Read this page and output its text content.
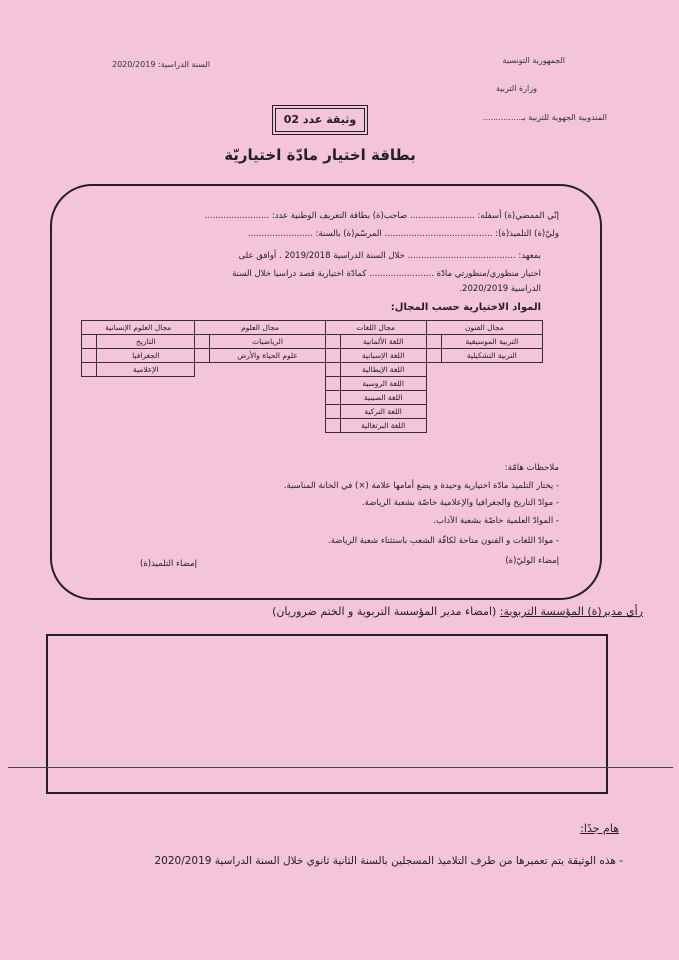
الجمهورية التونسية
وزارة التربية
المندوبية الجهوية للتربية بـ...............
السنة الدراسية: 2020/2019
وثيقة عدد 02
بطاقة اختيار مادّة اختياريّة
إنّي الممضي(ة) أسفله: ........................ صاحب(ة) بطاقة التعريف الوطنية عدد: ........................
وليّ(ة) التلميذ(ة): ........................................ المرسّم(ة) بالسنة: ........................
بمعهد: ........................................ خلال السنة الدراسية 2019/2018 . أوافق على
اختيار منظوري/منظورتي مادّة ........................ كمادّة اختيارية قصد دراسيا خلال السنة
الدراسية 2020/2019.
المواد الاختيارية حسب المجال:
مجال الفنون		مجال اللغات		مجال العلوم		مجال العلوم الإنسانية	
التربية الموسيقية		اللغة الألمانية		الرياضيات		التاريخ	
التربية التشكيلية		اللغة الإسبانية		علوم الحياة والأرض		الجغرافيا	
		اللغة الإيطالية				الإعلامية	
		اللغة الروسية					
		اللغة الصينية					
		اللغة التركية					
		اللغة البرتغالية					
ملاحظات هامّة:
- يختار التلميذ مادّة اختيارية وحيدة و يضع أمامها علامة (×) في الخانة المناسبة.
- موادّ التاريخ والجغرافيا والإعلامية خاصّة بشعبة الرياضة.
- الموادّ العلمية خاصّة بشعبة الآداب.
- موادّ اللغات و الفنون متاحة لكافّة الشعب باستثناء شعبة الرياضة.
إمضاء الوليّ(ة)
إمضاء التلميذ(ة)
رأي مدير(ة) المؤسسة التربوية: (امضاء مدير المؤسسة التربوية و الختم ضروريان)
هام جدًا:
- هذه الوثيقة يتم تعميرها من طرف التلاميذ المسجلين بالسنة الثانية ثانوي خلال السنة الدراسية 2020/2019
